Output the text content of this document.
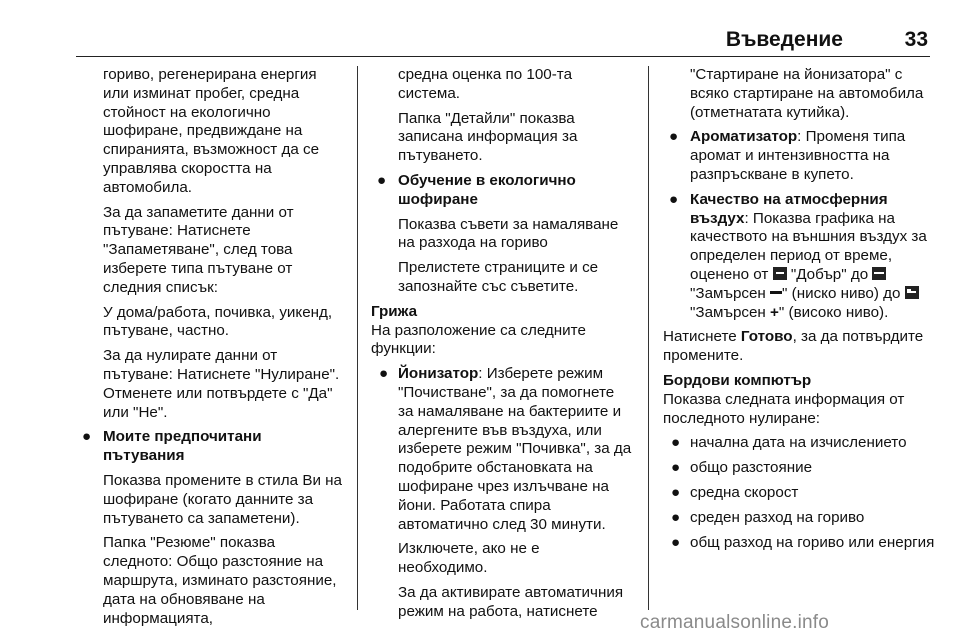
Въведение	33

гориво, регенерирана енергия или изминат пробег, средна стойност на екологично шофиране, предвиждане на спиранията, възможност да се управлява скоростта на автомобила.

За да запаметите данни от пътуване: Натиснете "Запаметяване", след това изберете типа пътуване от следния списък:

У дома/работа, почивка, уикенд, пътуване, частно.

За да нулирате данни от пътуване: Натиснете "Нулиране". Отменете или потвърдете с "Да" или "Не".

● Моите предпочитани пътувания

Показва промените в стила Ви на шофиране (когато данните за пътуването са запаметени).

Папка "Резюме" показва следното: Общо разстояние на маршрута, изминато разстояние, дата на обновяване на информацията,

средна оценка по 100-та система.

Папка "Детайли" показва записана информация за пътуването.

● Обучение в екологично шофиране

Показва съвети за намаляване на разхода на гориво

Прелистете страниците и се запознайте със съветите.

Грижа
На разположение са следните функции:
● Йонизатор: Изберете режим "Почистване", за да помогнете за намаляване на бактериите и алергените във въздуха, или изберете режим "Почивка", за да подобрите обстановката на шофиране чрез излъчване на йони. Работата спира автоматично след 30 минути.

Изключете, ако не е необходимо.

За да активирате автоматичния режим на работа, натиснете

"Стартиране на йонизатора" с всяко стартиране на автомобила (отметнатата кутийка).

● Ароматизатор: Променя типа аромат и интензивността на разпръскване в купето.
● Качество на атмосферния въздух: Показва графика на качеството на външния въздух за определен период от време, оценено от  "Добър" до  "Замърсен " (ниско ниво) до  "Замърсен +" (високо ниво).

Натиснете Готово, за да потвърдите промените.

Бордови компютър
Показва следната информация от последното нулиране:
● начална дата на изчислението
● общо разстояние
● средна скорост
● среден разход на гориво
● общ разход на гориво или енергия
carmanualsonline.info
